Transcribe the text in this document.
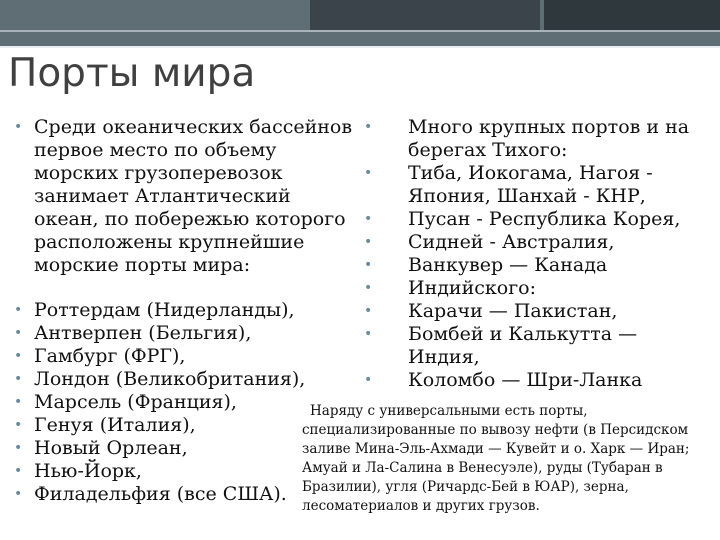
Порты мира
• Среди океанических бассейнов
первое место по объему
морских грузоперевозок
занимает Атлантический
океан, по побережью которого
расположены крупнейшие
морские порты мира:
• Роттердам (Нидерланды),
• Антверпен (Бельгия),
• Гамбург (ФРГ),
• Лондон (Великобритания),
• Марсель (Франция),
• Генуя (Италия),
• Новый Орлеан,
• Нью-Йорк,
• Филадельфия (все США).
• Много крупных портов и на
берегах Тихого:
• Тиба, Иокогама, Нагоя -
Япония, Шанхай - КНР,
• Пусан - Республика Корея,
• Сидней - Австралия,
• Ванкувер — Канада
• Индийского:
• Карачи — Пакистан,
• Бомбей и Калькутта —
Индия,
• Коломбо — Шри-Ланка
Наряду с универсальными есть порты,
специализированные по вывозу нефти (в Персидском
заливе Мина-Эль-Ахмади — Кувейт и о. Харк — Иран;
Амуай и Ла-Салина в Венесуэле), руды (Тубаран в
Бразилии), угля (Ричардс-Бей в ЮАР), зерна,
лесоматериалов и других грузов.
